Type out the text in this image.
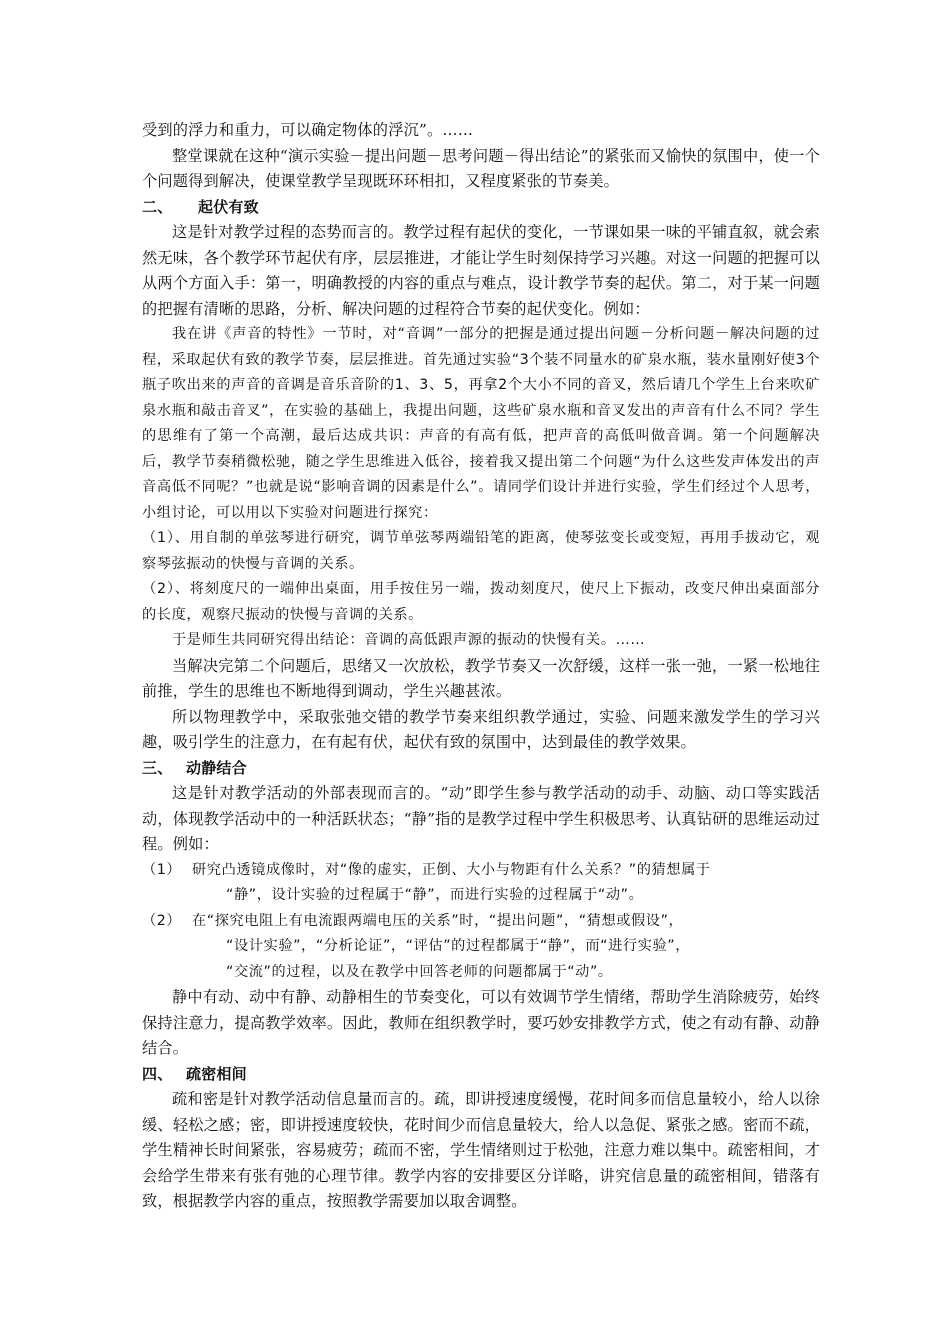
受到的浮力和重力，可以确定物体的浮沉”。……

整堂课就在这种“演示实验－提出问题－思考问题－得出结论”的紧张而又愉快的氛围中，使一个个问题得到解决，使课堂教学呈现既环环相扣，又程度紧张的节奏美。

二、 起伏有致

这是针对教学过程的态势而言的。教学过程有起伏的变化，一节课如果一味的平铺直叙，就会索然无味，各个教学环节起伏有序，层层推进，才能让学生时刻保持学习兴趣。对这一问题的把握可以从两个方面入手：第一，明确教授的内容的重点与难点，设计教学节奏的起伏。第二，对于某一问题的把握有清晰的思路，分析、解决问题的过程符合节奏的起伏变化。例如：

我在讲《声音的特性》一节时，对“音调”一部分的把握是通过提出问题－分析问题－解决问题的过程，采取起伏有致的教学节奏，层层推进。首先通过实验“3个装不同量水的矿泉水瓶，装水量刚好使3个瓶子吹出来的声音的音调是音乐音阶的1、3、5，再拿2个大小不同的音叉，然后请几个学生上台来吹矿泉水瓶和敲击音叉”，在实验的基础上，我提出问题，这些矿泉水瓶和音叉发出的声音有什么不同？学生的思维有了第一个高潮，最后达成共识：声音的有高有低，把声音的高低叫做音调。第一个问题解决后，教学节奏稍微松驰，随之学生思维进入低谷，接着我又提出第二个问题“为什么这些发声体发出的声音高低不同呢？”也就是说“影响音调的因素是什么”。请同学们设计并进行实验，学生们经过个人思考，小组讨论，可以用以下实验对问题进行探究：

（1）、用自制的单弦琴进行研究，调节单弦琴两端铅笔的距离，使琴弦变长或变短，再用手拔动它，观察琴弦振动的快慢与音调的关系。

（2）、将刻度尺的一端伸出桌面，用手按住另一端，拨动刻度尺，使尺上下振动，改变尺伸出桌面部分的长度，观察尺振动的快慢与音调的关系。

于是师生共同研究得出结论：音调的高低跟声源的振动的快慢有关。……

当解决完第二个问题后，思绪又一次放松，教学节奏又一次舒缓，这样一张一弛，一紧一松地往前推，学生的思维也不断地得到调动，学生兴趣甚浓。

所以物理教学中，采取张弛交错的教学节奏来组织教学通过，实验、问题来激发学生的学习兴趣，吸引学生的注意力，在有起有伏，起伏有致的氛围中，达到最佳的教学效果。

三、 动静结合

这是针对教学活动的外部表现而言的。“动”即学生参与教学活动的动手、动脑、动口等实践活动，体现教学活动中的一种活跃状态；“静”指的是教学过程中学生积极思考、认真钻研的思维运动过程。例如：

（1） 研究凸透镜成像时，对“像的虚实，正倒、大小与物距有什么关系？”的猜想属于
“静”，设计实验的过程属于“静”，而进行实验的过程属于“动”。
（2） 在“探究电阻上有电流跟两端电压的关系”时，“提出问题”，“猜想或假设”，
“设计实验”，“分析论证”，“评估”的过程都属于“静”，而“进行实验”，
“交流”的过程，以及在教学中回答老师的问题都属于“动”。

静中有动、动中有静、动静相生的节奏变化，可以有效调节学生情绪，帮助学生消除疲劳，始终保持注意力，提高教学效率。因此，教师在组织教学时，要巧妙安排教学方式，使之有动有静、动静结合。

四、 疏密相间

疏和密是针对教学活动信息量而言的。疏，即讲授速度缓慢，花时间多而信息量较小，给人以徐缓、轻松之感；密，即讲授速度较快，花时间少而信息量较大，给人以急促、紧张之感。密而不疏，学生精神长时间紧张，容易疲劳；疏而不密，学生情绪则过于松弛，注意力难以集中。疏密相间，才会给学生带来有张有弛的心理节律。教学内容的安排要区分详略，讲究信息量的疏密相间，错落有致，根据教学内容的重点，按照教学需要加以取舍调整。
